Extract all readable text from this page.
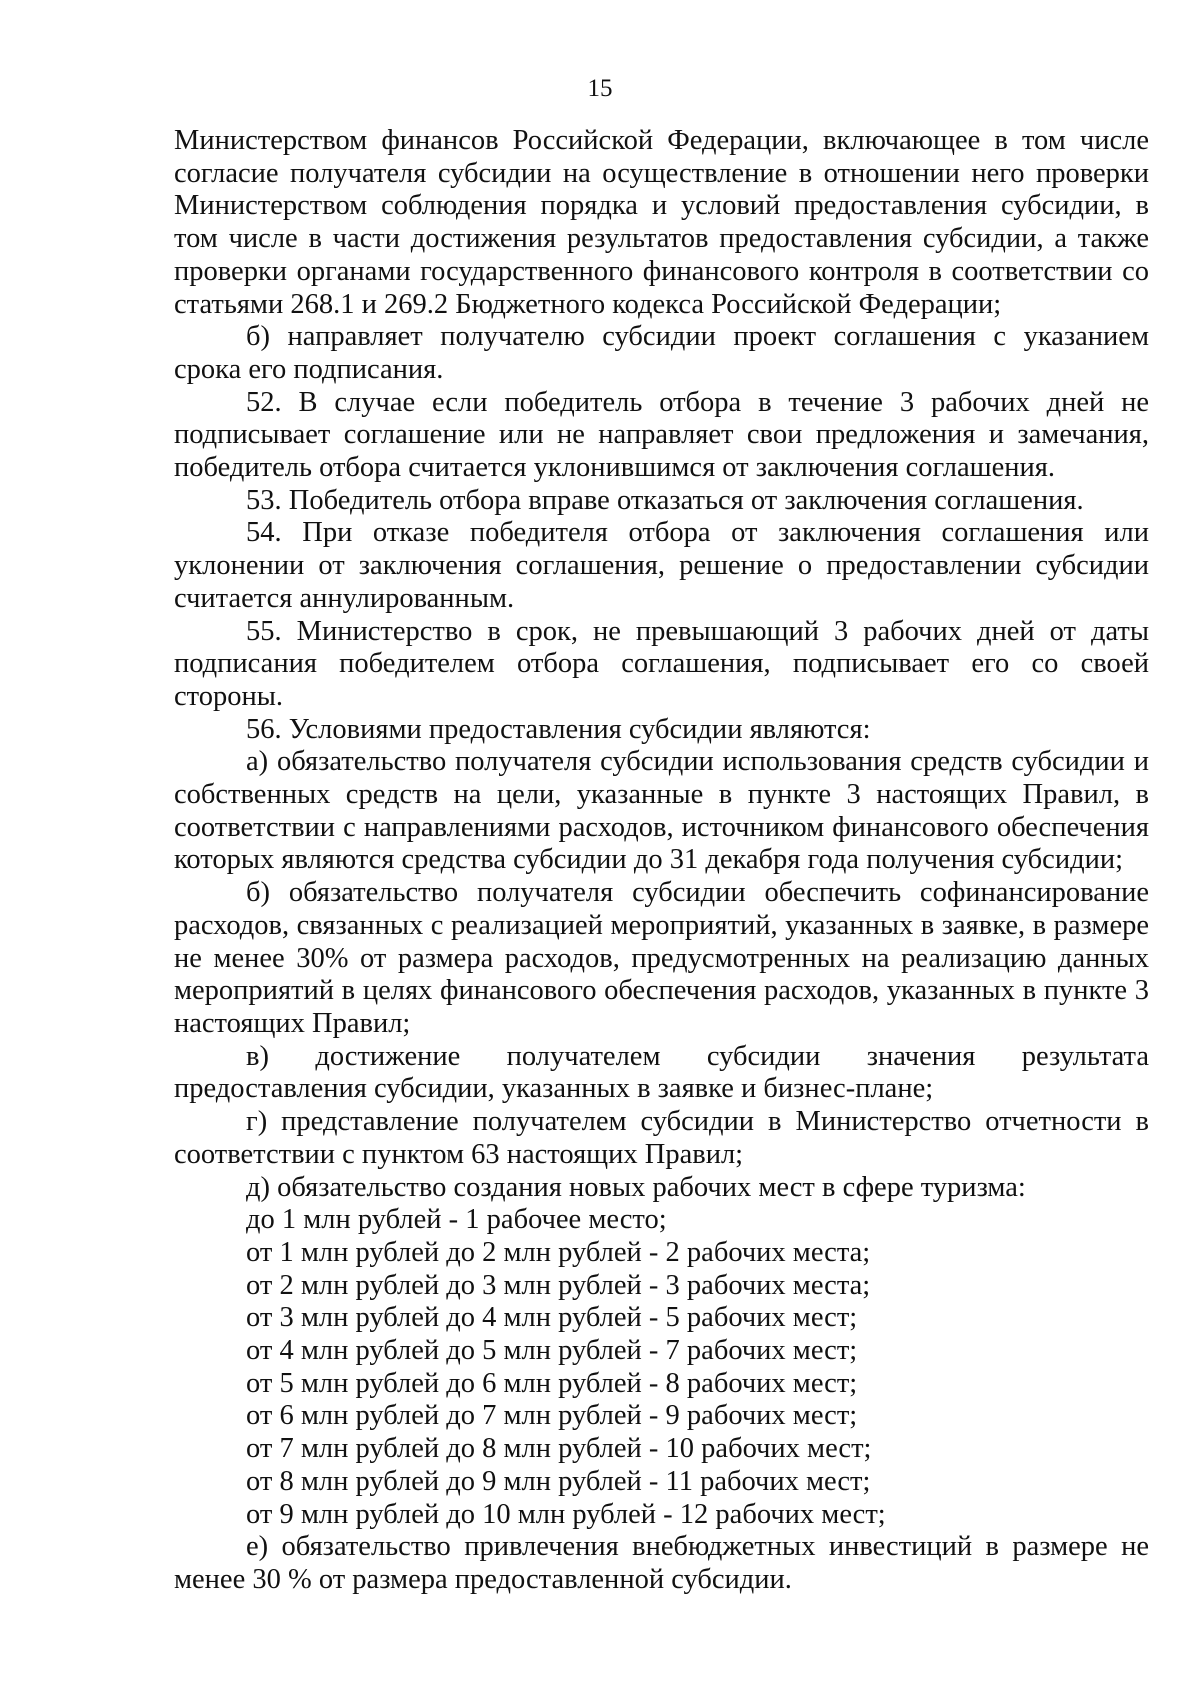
15

Министерством финансов Российской Федерации, включающее в том числе согласие получателя субсидии на осуществление в отношении него проверки Министерством соблюдения порядка и условий предоставления субсидии, в том числе в части достижения результатов предоставления субсидии, а также проверки органами государственного финансового контроля в соответствии со статьями 268.1 и 269.2 Бюджетного кодекса Российской Федерации;

б) направляет получателю субсидии проект соглашения с указанием срока его подписания.

52. В случае если победитель отбора в течение 3 рабочих дней не подписывает соглашение или не направляет свои предложения и замечания, победитель отбора считается уклонившимся от заключения соглашения.

53. Победитель отбора вправе отказаться от заключения соглашения.

54. При отказе победителя отбора от заключения соглашения или уклонении от заключения соглашения, решение о предоставлении субсидии считается аннулированным.

55. Министерство в срок, не превышающий 3 рабочих дней от даты подписания победителем отбора соглашения, подписывает его со своей стороны.

56. Условиями предоставления субсидии являются:

а) обязательство получателя субсидии использования средств субсидии и собственных средств на цели, указанные в пункте 3 настоящих Правил, в соответствии с направлениями расходов, источником финансового обеспечения которых являются средства субсидии до 31 декабря года получения субсидии;

б) обязательство получателя субсидии обеспечить софинансирование расходов, связанных с реализацией мероприятий, указанных в заявке, в размере не менее 30% от размера расходов, предусмотренных на реализацию данных мероприятий в целях финансового обеспечения расходов, указанных в пункте 3 настоящих Правил;

в) достижение получателем субсидии значения результата предоставления субсидии, указанных в заявке и бизнес-плане;

г) представление получателем субсидии в Министерство отчетности в соответствии с пунктом 63 настоящих Правил;

д) обязательство создания новых рабочих мест в сфере туризма:

до 1 млн рублей - 1 рабочее место;

от 1 млн рублей до 2 млн рублей - 2 рабочих места;

от 2 млн рублей до 3 млн рублей - 3 рабочих места;

от 3 млн рублей до 4 млн рублей - 5 рабочих мест;

от 4 млн рублей до 5 млн рублей - 7 рабочих мест;

от 5 млн рублей до 6 млн рублей - 8 рабочих мест;

от 6 млн рублей до 7 млн рублей - 9 рабочих мест;

от 7 млн рублей до 8 млн рублей - 10 рабочих мест;

от 8 млн рублей до 9 млн рублей - 11 рабочих мест;

от 9 млн рублей до 10 млн рублей - 12 рабочих мест;

е) обязательство привлечения внебюджетных инвестиций в размере не менее 30 % от размера предоставленной субсидии.
